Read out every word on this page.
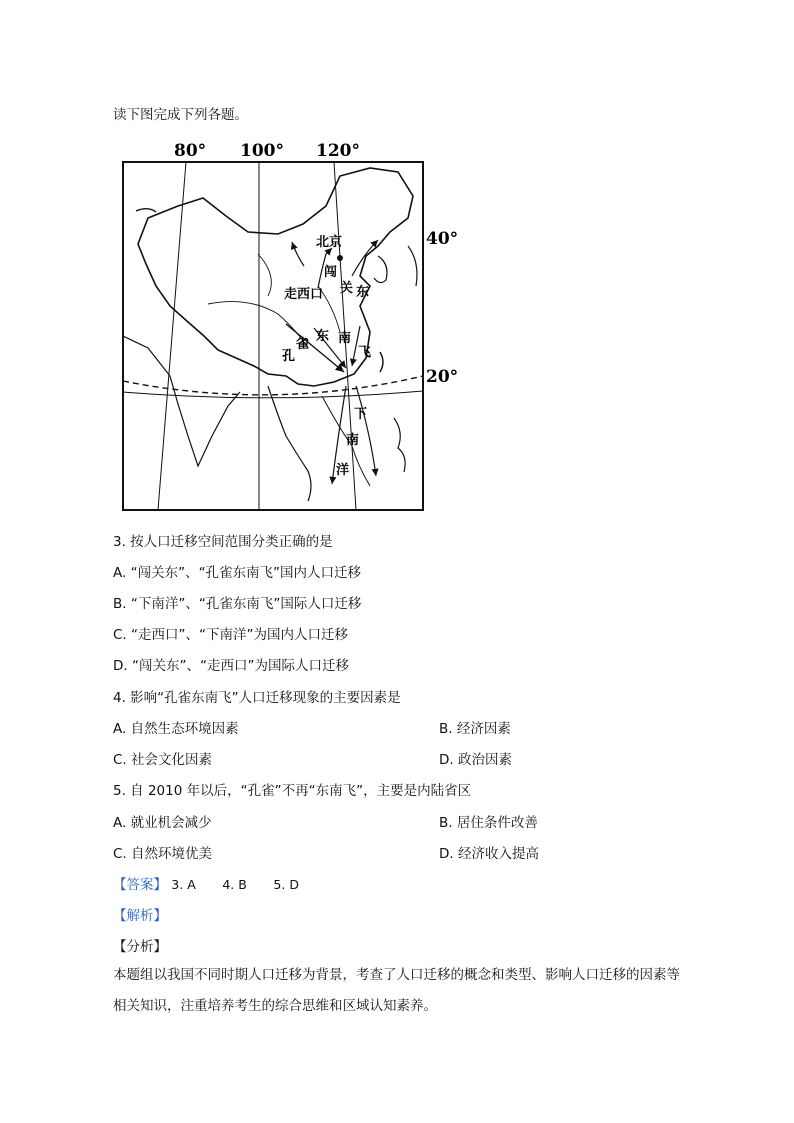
读下图完成下列各题。
80° 100° 120°
40°
20°
北京
闯
关 东
走西口
孔
雀
东 南
飞
下
南
洋
3. 按人口迁移空间范围分类正确的是
A. “闯关东”、“孔雀东南飞”国内人口迁移
B. “下南洋”、“孔雀东南飞”国际人口迁移
C. “走西口”、“下南洋”为国内人口迁移
D. “闯关东”、“走西口”为国际人口迁移
4. 影响“孔雀东南飞”人口迁移现象的主要因素是
A. 自然生态环境因素	B. 经济因素
C. 社会文化因素	D. 政治因素
5. 自 2010 年以后，“孔雀”不再“东南飞”，主要是内陆省区
A. 就业机会减少	B. 居住条件改善
C. 自然环境优美	D. 经济收入提高
【答案】 3. A 4. B 5. D
【解析】
【分析】
本题组以我国不同时期人口迁移为背景，考查了人口迁移的概念和类型、影响人口迁移的因素等相关知识，注重培养考生的综合思维和区域认知素养。
